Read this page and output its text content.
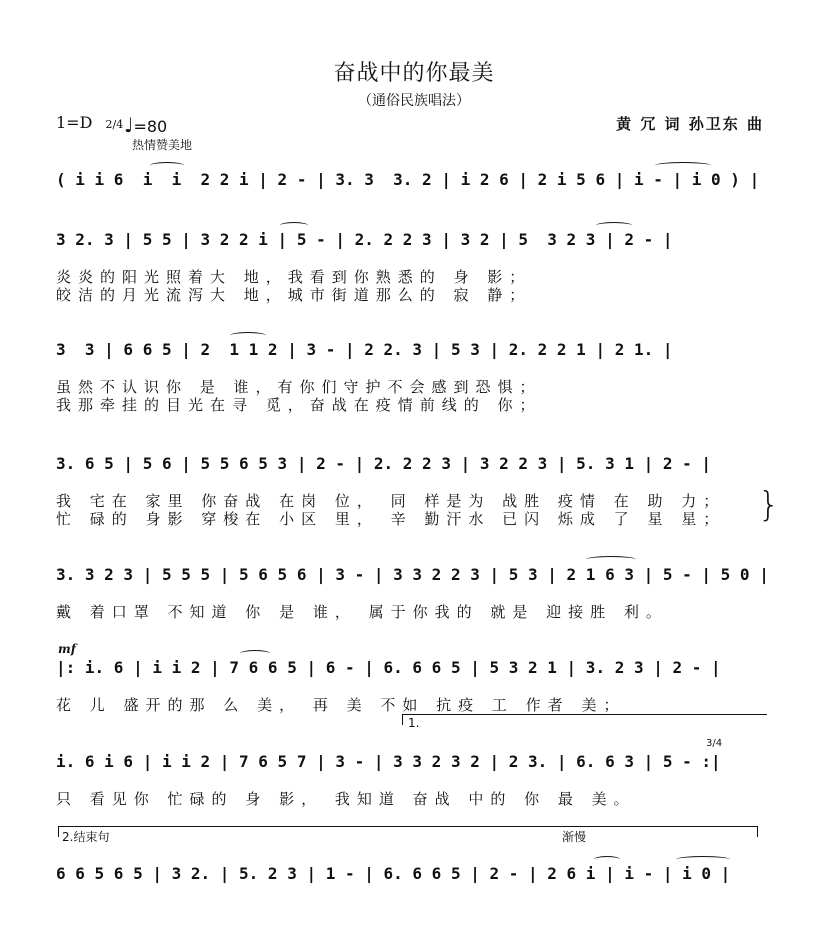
奋战中的你最美
（通俗民族唱法）
1=D 2/4 ♩=80
热情赞美地
黄 冗 词 孙卫东 曲
( i i 6  i  i  2 2 i | 2 - | 3. 3  3. 2 | i 2 6 | 2 i 5 6 | i - | i 0 ) |
3 2. 3 | 5 5 | 3 2 2 i | 5 - | 2. 2 2 3 | 3 2 | 5  3 2 3 | 2 - |
炎炎的阳光照着大 地，我看到你熟悉的 身 影；
皎洁的月光流泻大 地，城市街道那么的 寂 静；
3  3 | 6 6 5 | 2  1 1 2 | 3 - | 2 2. 3 | 5 3 | 2. 2 2 1 | 2 1. |
虽然不认识你 是 谁，有你们守护不会感到恐惧；
我那牵挂的目光在寻 觅，奋战在疫情前线的 你；
3. 6 5 | 5 6 | 5 5 6 5 3 | 2 - | 2. 2 2 3 | 3 2 2 3 | 5. 3 1 | 2 - |
我 宅在 家里 你奋战 在岗 位， 同 样是为 战胜 疫情 在 助 力；
忙 碌的 身影 穿梭在 小区 里， 辛 勤汗水 已闪 烁成 了 星 星； }
3. 3 2 3 | 5 5 5 | 5 6 5 6 | 3 - | 3 3 2 2 3 | 5 3 | 2 1 6 3 | 5 - | 5 0 |
戴 着口罩 不知道 你 是 谁， 属于你我的 就是 迎接胜 利。
mf
|: i. 6 | i i 2 | 7 6 6 5 | 6 - | 6. 6 6 5 | 5 3 2 1 | 3. 2 3 | 2 - |
花 儿 盛开的那 么 美， 再 美 不如 抗疫 工 作者 美；
1.
3/4
i. 6 i 6 | i i 2 | 7 6 5 7 | 3 - | 3 3 2 3 2 | 2 3. | 6. 6 3 | 5 - :|
只 看见你 忙碌的 身 影， 我知道 奋战 中的 你 最 美。
2.结束句	渐慢
6 6 5 6 5 | 3 2. | 5. 2 3 | 1 - | 6. 6 6 5 | 2 - | 2 6 i | i - | i 0 |
